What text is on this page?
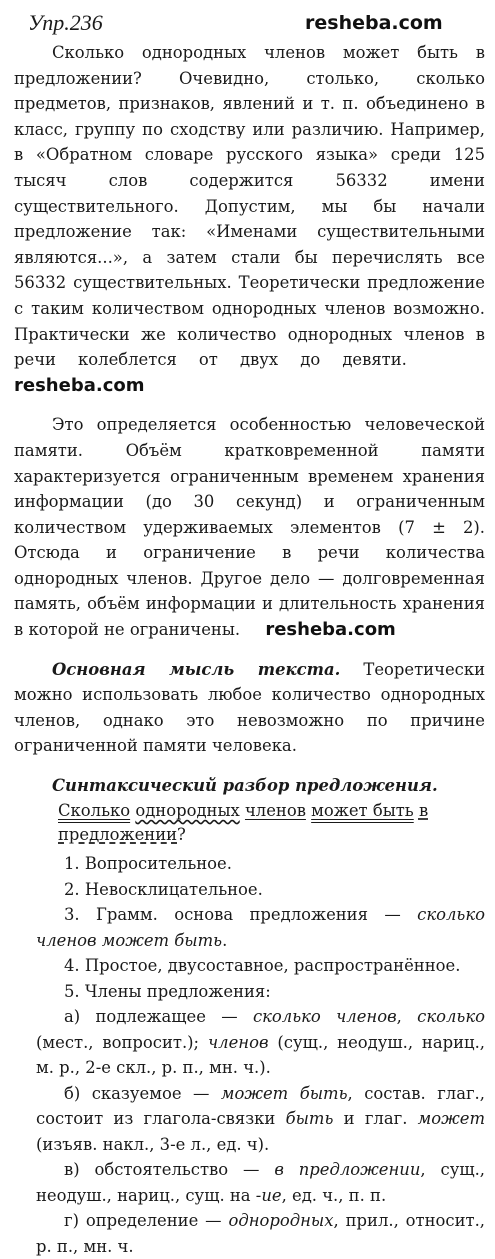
Упр.236	resheba.com

Сколько однородных членов может быть в предложении? Очевидно, столько, сколько предметов, признаков, явлений и т. п. объединено в класс, группу по сходству или различию. Например, в «Обратном словаре русского языка» среди 125 тысяч слов содержится 56332 имени существительного. Допустим, мы бы начали предложение так: «Именами существительными являются...», а затем стали бы перечислять все 56332 существительных. Теоретически предложение с таким количеством однородных членов возможно. Практически же количество однородных членов в речи колеблется от двух до девяти. resheba.com

Это определяется особенностью человеческой памяти. Объём кратковременной памяти характеризуется ограниченным временем хранения информации (до 30 секунд) и ограниченным количеством удерживаемых элементов (7 ± 2). Отсюда и ограничение в речи количества однородных членов. Другое дело — долговременная память, объём информации и длительность хранения в которой не ограничены. resheba.com

Основная мысль текста. Теоретически можно использовать любое количество однородных членов, однако это невозможно по причине ограниченной памяти человека.

Синтаксический разбор предложения.
Сколько однородных членов может быть в предложении?
1. Вопросительное.
2. Невосклицательное.
3. Грамм. основа предложения — сколько членов может быть.
4. Простое, двусоставное, распространённое.
5. Члены предложения:
а) подлежащее — сколько членов, сколько (мест., вопросит.); членов (сущ., неодуш., нариц., м. р., 2-е скл., р. п., мн. ч.).
б) сказуемое — может быть, состав. глаг., состоит из глагола-связки быть и глаг. может (изъяв. накл., 3-е л., ед. ч).
в) обстоятельство — в предложении, сущ., неодуш., нариц., сущ. на -ие, ед. ч., п. п.
г) определение — однородных, прил., относит., р. п., мн. ч.
